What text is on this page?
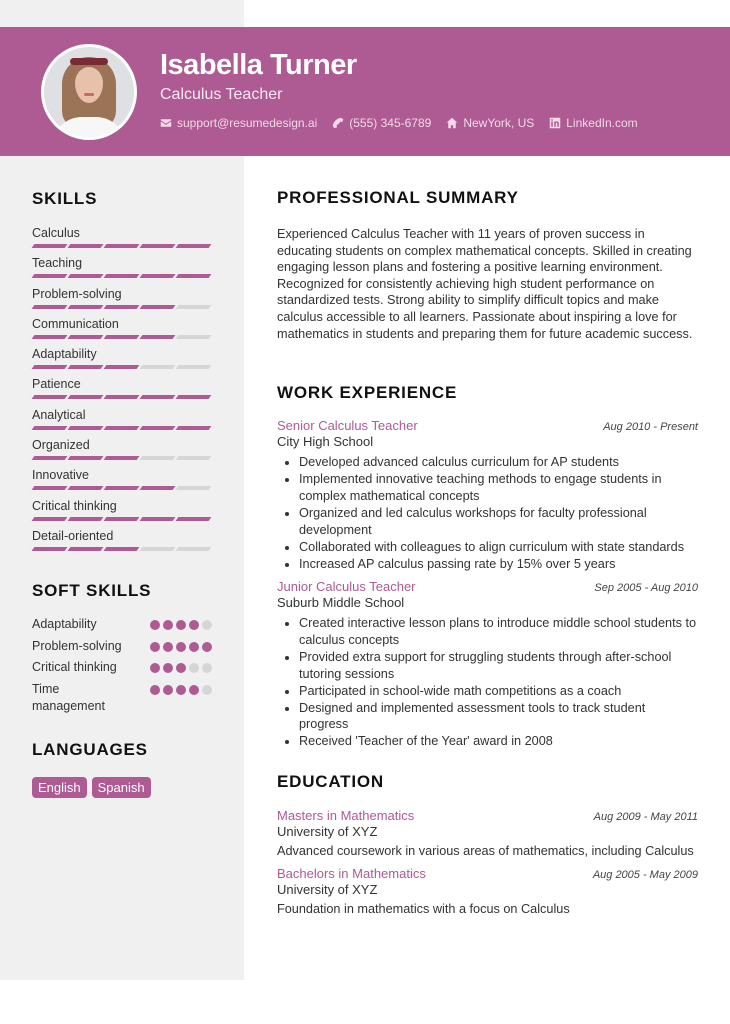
Isabella Turner
Calculus Teacher
support@resumedesign.ai	(555) 345-6789	NewYork, US	LinkedIn.com
SKILLS
Calculus
Teaching
Problem-solving
Communication
Adaptability
Patience
Analytical
Organized
Innovative
Critical thinking
Detail-oriented
SOFT SKILLS
Adaptability
Problem-solving
Critical thinking
Time management
LANGUAGES
English	Spanish
PROFESSIONAL SUMMARY

Experienced Calculus Teacher with 11 years of proven success in educating students on complex mathematical concepts. Skilled in creating engaging lesson plans and fostering a positive learning environment. Recognized for consistently achieving high student performance on standardized tests. Strong ability to simplify difficult topics and make calculus accessible to all learners. Passionate about inspiring a love for mathematics in students and preparing them for future academic success.

WORK EXPERIENCE
Senior Calculus Teacher	Aug 2010 - Present
City High School
• Developed advanced calculus curriculum for AP students
• Implemented innovative teaching methods to engage students in complex mathematical concepts
• Organized and led calculus workshops for faculty professional development
• Collaborated with colleagues to align curriculum with state standards
• Increased AP calculus passing rate by 15% over 5 years
Junior Calculus Teacher	Sep 2005 - Aug 2010
Suburb Middle School
• Created interactive lesson plans to introduce middle school students to calculus concepts
• Provided extra support for struggling students through after-school tutoring sessions
• Participated in school-wide math competitions as a coach
• Designed and implemented assessment tools to track student progress
• Received 'Teacher of the Year' award in 2008
EDUCATION
Masters in Mathematics	Aug 2009 - May 2011
University of XYZ
Advanced coursework in various areas of mathematics, including Calculus
Bachelors in Mathematics	Aug 2005 - May 2009
University of XYZ
Foundation in mathematics with a focus on Calculus
